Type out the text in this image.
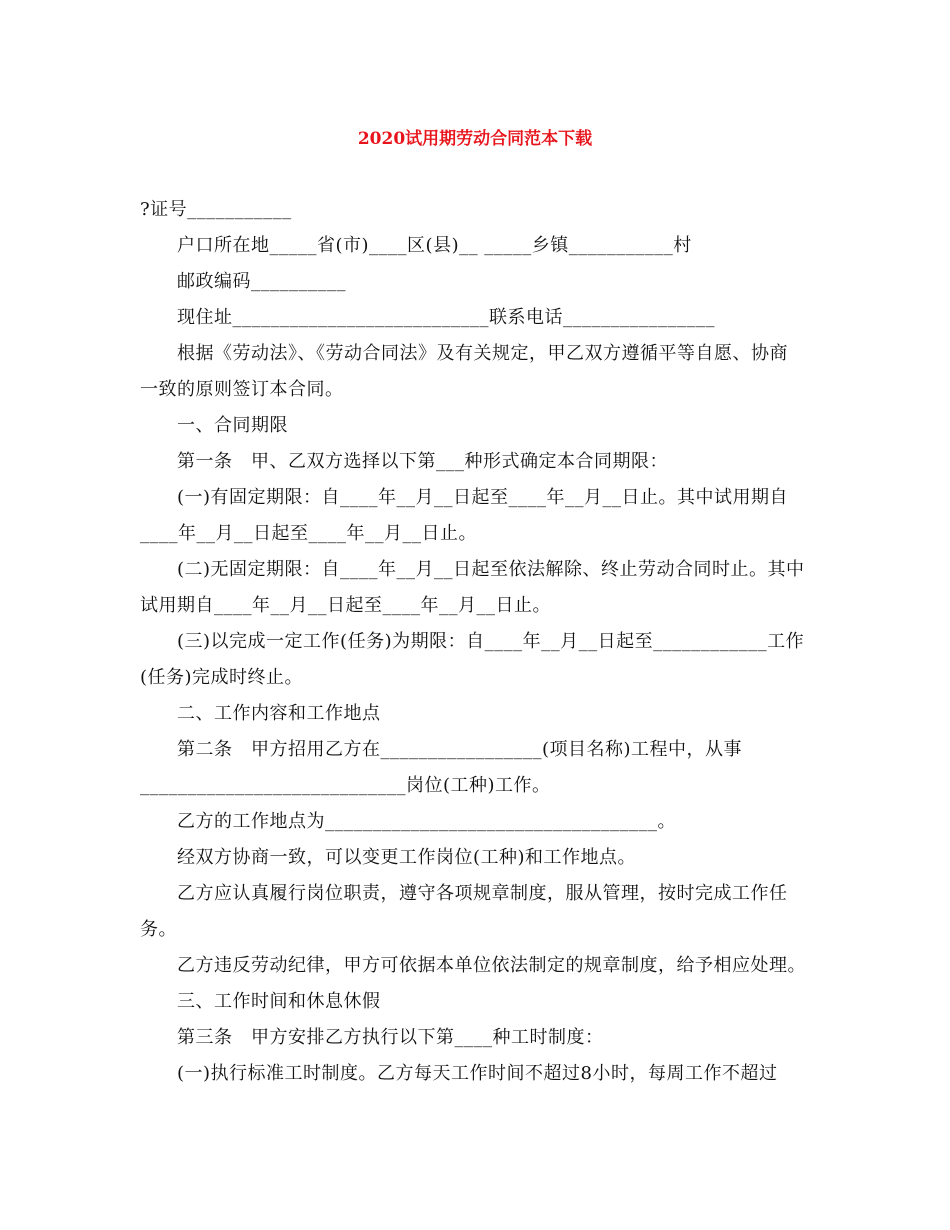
2020试用期劳动合同范本下载
?证号___________
户口所在地_____省(市)____区(县)__ _____乡镇___________村
邮政编码__________
现住址___________________________联系电话________________
根据《劳动法》、《劳动合同法》及有关规定，甲乙双方遵循平等自愿、协商
一致的原则签订本合同。
一、合同期限
第一条　甲、乙双方选择以下第___种形式确定本合同期限：
(一)有固定期限：自____年__月__日起至____年__月__日止。其中试用期自
____年__月__日起至____年__月__日止。
(二)无固定期限：自____年__月__日起至依法解除、终止劳动合同时止。其中
试用期自____年__月__日起至____年__月__日止。
(三)以完成一定工作(任务)为期限：自____年__月__日起至____________工作
(任务)完成时终止。
二、工作内容和工作地点
第二条　甲方招用乙方在_________________(项目名称)工程中，从事
____________________________岗位(工种)工作。
乙方的工作地点为___________________________________。
经双方协商一致，可以变更工作岗位(工种)和工作地点。
乙方应认真履行岗位职责，遵守各项规章制度，服从管理，按时完成工作任
务。
乙方违反劳动纪律，甲方可依据本单位依法制定的规章制度，给予相应处理。
三、工作时间和休息休假
第三条　甲方安排乙方执行以下第____种工时制度：
(一)执行标准工时制度。乙方每天工作时间不超过8小时，每周工作不超过
